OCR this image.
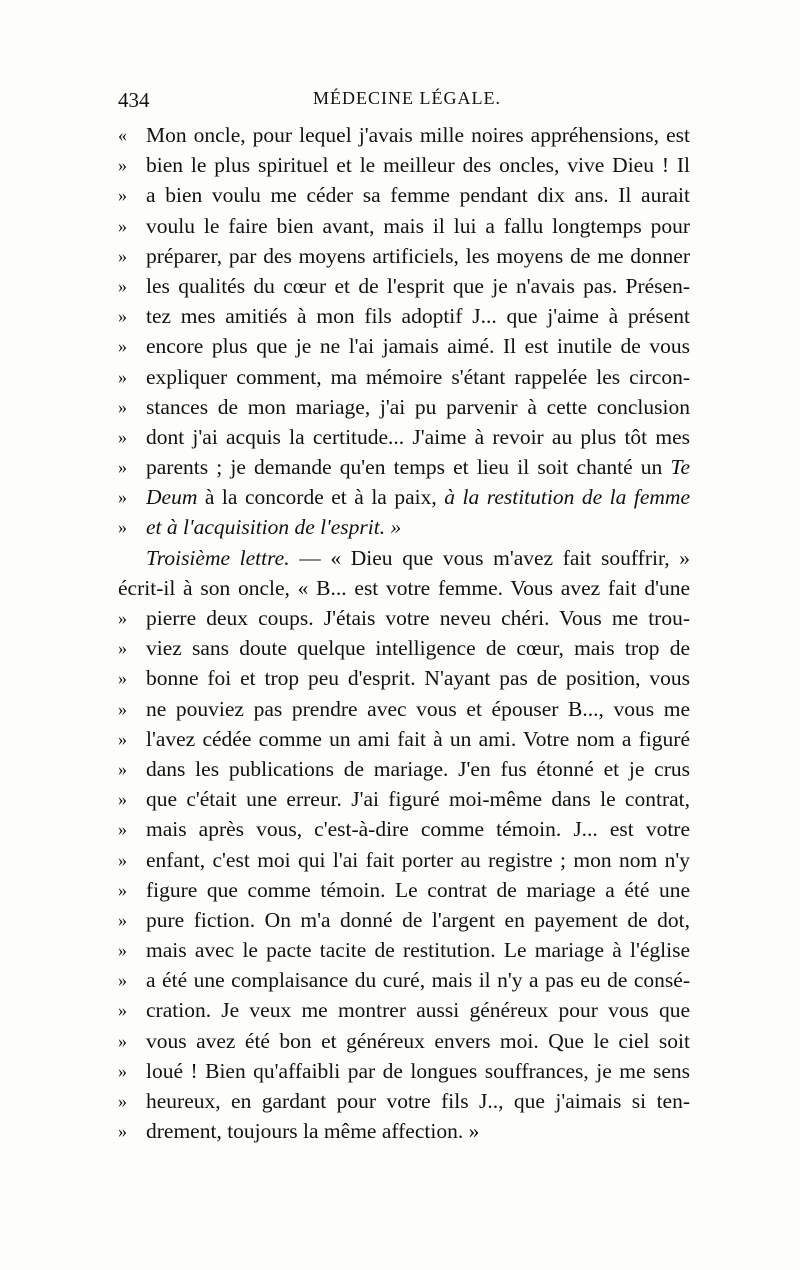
434	MÉDECINE LÉGALE.
« Mon oncle, pour lequel j'avais mille noires appréhensions, est
» bien le plus spirituel et le meilleur des oncles, vive Dieu ! Il
» a bien voulu me céder sa femme pendant dix ans. Il aurait
» voulu le faire bien avant, mais il lui a fallu longtemps pour
» préparer, par des moyens artificiels, les moyens de me donner
» les qualités du cœur et de l'esprit que je n'avais pas. Présen-
» tez mes amitiés à mon fils adoptif J... que j'aime à présent
» encore plus que je ne l'ai jamais aimé. Il est inutile de vous
» expliquer comment, ma mémoire s'étant rappelée les circon-
» stances de mon mariage, j'ai pu parvenir à cette conclusion
» dont j'ai acquis la certitude... J'aime à revoir au plus tôt mes
» parents ; je demande qu'en temps et lieu il soit chanté un Te
» Deum à la concorde et à la paix, à la restitution de la femme
» et à l'acquisition de l'esprit. »
Troisième lettre. — « Dieu que vous m'avez fait souffrir, »
écrit-il à son oncle, « B... est votre femme. Vous avez fait d'une
» pierre deux coups. J'étais votre neveu chéri. Vous me trou-
» viez sans doute quelque intelligence de cœur, mais trop de
» bonne foi et trop peu d'esprit. N'ayant pas de position, vous
» ne pouviez pas prendre avec vous et épouser B..., vous me
» l'avez cédée comme un ami fait à un ami. Votre nom a figuré
» dans les publications de mariage. J'en fus étonné et je crus
» que c'était une erreur. J'ai figuré moi-même dans le contrat,
» mais après vous, c'est-à-dire comme témoin. J... est votre
» enfant, c'est moi qui l'ai fait porter au registre ; mon nom n'y
» figure que comme témoin. Le contrat de mariage a été une
» pure fiction. On m'a donné de l'argent en payement de dot,
» mais avec le pacte tacite de restitution. Le mariage à l'église
» a été une complaisance du curé, mais il n'y a pas eu de consé-
» cration. Je veux me montrer aussi généreux pour vous que
» vous avez été bon et généreux envers moi. Que le ciel soit
» loué ! Bien qu'affaibli par de longues souffrances, je me sens
» heureux, en gardant pour votre fils J.., que j'aimais si ten-
» drement, toujours la même affection. »
